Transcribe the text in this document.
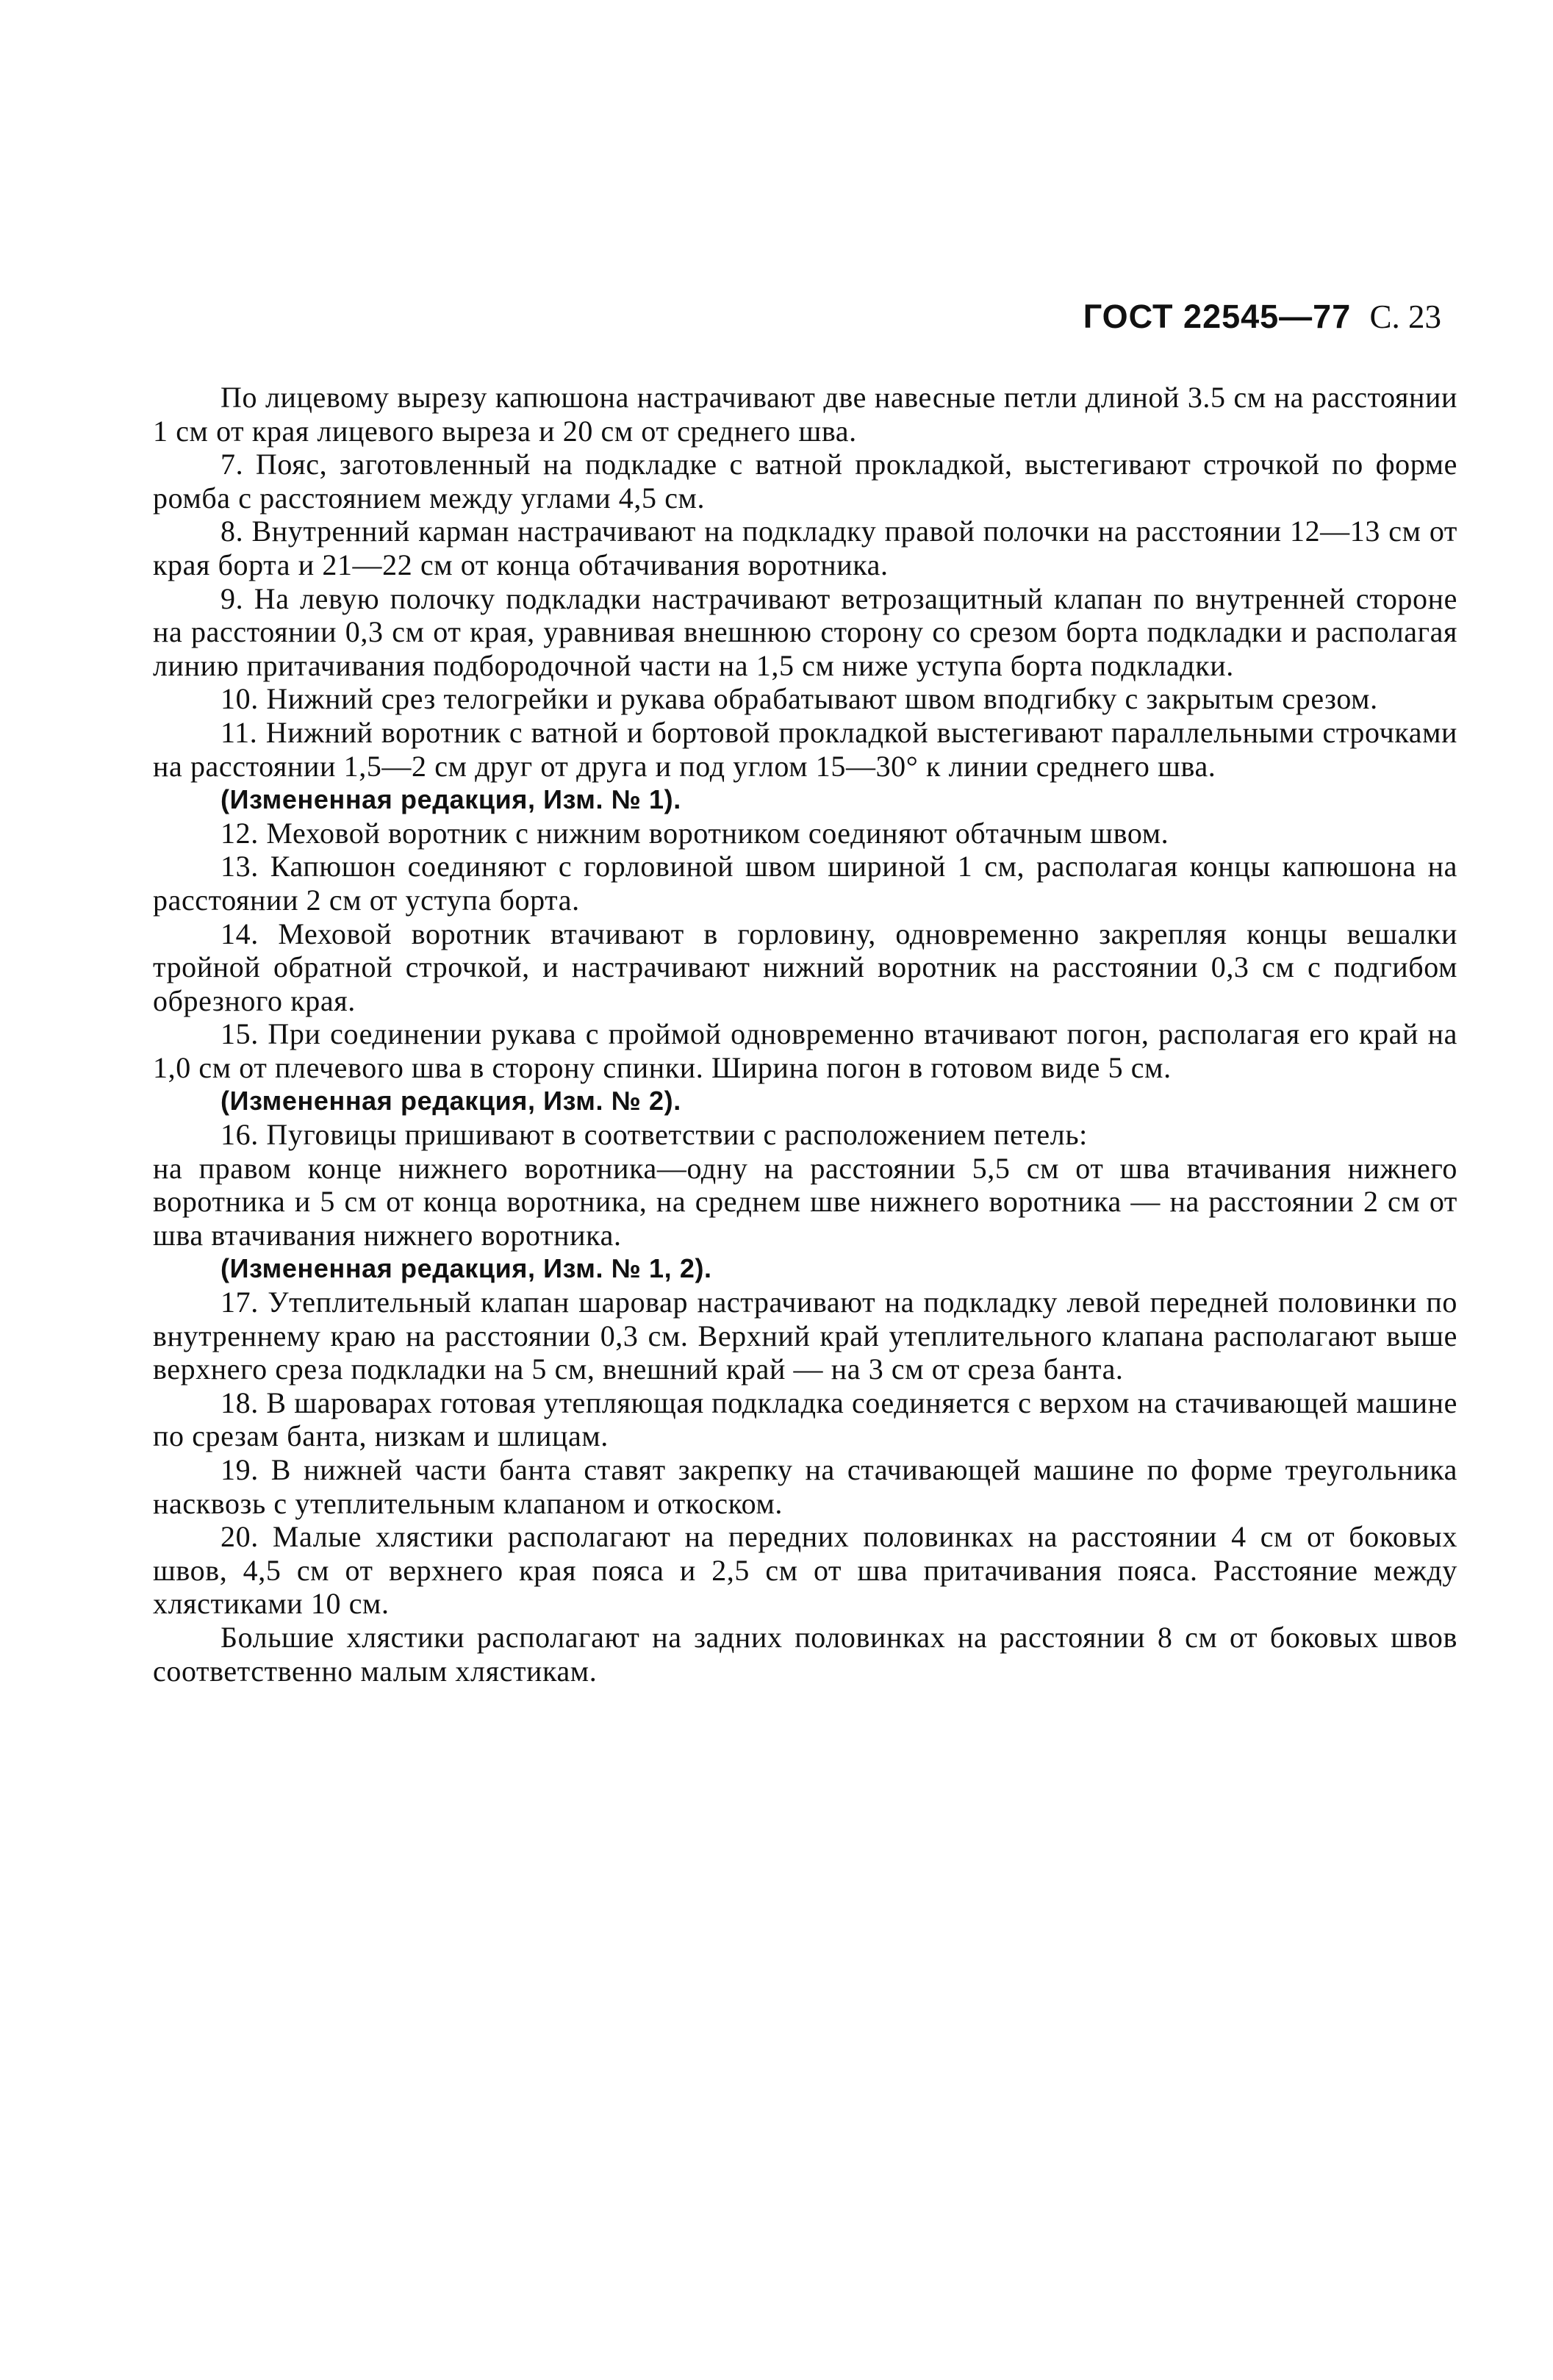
ГОСТ 22545—77 С. 23

По лицевому вырезу капюшона настрачивают две навесные петли длиной 3.5 см на расстоянии 1 см от края лицевого выреза и 20 см от среднего шва.

7. Пояс, заготовленный на подкладке с ватной прокладкой, выстегивают строчкой по форме ромба с расстоянием между углами 4,5 см.

8. Внутренний карман настрачивают на подкладку правой полочки на расстоянии 12—13 см от края борта и 21—22 см от конца обтачивания воротника.

9. На левую полочку подкладки настрачивают ветрозащитный клапан по внутренней стороне на расстоянии 0,3 см от края, уравнивая внешнюю сторону со срезом борта подкладки и располагая линию притачивания подбородочной части на 1,5 см ниже уступа борта подкладки.

10. Нижний срез телогрейки и рукава обрабатывают швом вподгибку с закрытым срезом.

11. Нижний воротник с ватной и бортовой прокладкой выстегивают параллельными строчками на расстоянии 1,5—2 см друг от друга и под углом 15—30° к линии среднего шва.

(Измененная редакция, Изм. № 1).

12. Меховой воротник с нижним воротником соединяют обтачным швом.

13. Капюшон соединяют с горловиной швом шириной 1 см, располагая концы капюшона на расстоянии 2 см от уступа борта.

14. Меховой воротник втачивают в горловину, одновременно закрепляя концы вешалки тройной обратной строчкой, и настрачивают нижний воротник на расстоянии 0,3 см с подгибом обрезного края.

15. При соединении рукава с проймой одновременно втачивают погон, располагая его край на 1,0 см от плечевого шва в сторону спинки. Ширина погон в готовом виде 5 см.

(Измененная редакция, Изм. № 2).

16. Пуговицы пришивают в соответствии с расположением петель:

на правом конце нижнего воротника—одну на расстоянии 5,5 см от шва втачивания нижнего воротника и 5 см от конца воротника, на среднем шве нижнего воротника — на расстоянии 2 см от шва втачивания нижнего воротника.

(Измененная редакция, Изм. № 1, 2).

17. Утеплительный клапан шаровар настрачивают на подкладку левой передней половинки по внутреннему краю на расстоянии 0,3 см. Верхний край утеплительного клапана располагают выше верхнего среза подкладки на 5 см, внешний край — на 3 см от среза банта.

18. В шароварах готовая утепляющая подкладка соединяется с верхом на стачивающей машине по срезам банта, низкам и шлицам.

19. В нижней части банта ставят закрепку на стачивающей машине по форме треугольника насквозь с утеплительным клапаном и откоском.

20. Малые хлястики располагают на передних половинках на расстоянии 4 см от боковых швов, 4,5 см от верхнего края пояса и 2,5 см от шва притачивания пояса. Расстояние между хлястиками 10 см.

Большие хлястики располагают на задних половинках на расстоянии 8 см от боковых швов соответственно малым хлястикам.
